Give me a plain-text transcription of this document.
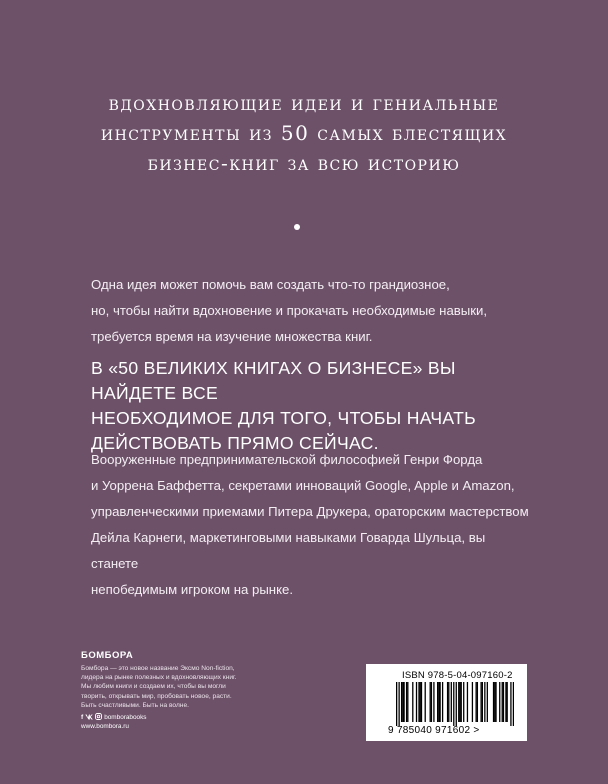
вдохновляющие идеи и гениальные
инструменты из 50 самых блестящих
бизнес-книг за всю историю
Одна идея может помочь вам создать что-то грандиозное,
но, чтобы найти вдохновение и прокачать необходимые навыки,
требуется время на изучение множества книг.
В «50 ВЕЛИКИХ КНИГАХ О БИЗНЕСЕ» ВЫ НАЙДЕТЕ ВСЕ
НЕОБХОДИМОЕ ДЛЯ ТОГО, ЧТОБЫ НАЧАТЬ
ДЕЙСТВОВАТЬ ПРЯМО СЕЙЧАС.
Вооруженные предпринимательской философией Генри Форда
и Уоррена Баффетта, секретами инноваций Google, Apple и Amazon,
управленческими приемами Питера Друкера, ораторским мастерством
Дейла Карнеги, маркетинговыми навыками Говарда Шульца, вы станете
непобедимым игроком на рынке.
БОМБОРА
Бомбора — это новое название Эксмо Non-fiction,
лидера на рынке полезных и вдохновляющих книг.
Мы любим книги и создаем их, чтобы вы могли
творить, открывать мир, пробовать новое, расти.
Быть счастливыми. Быть на волне.
f	bomborabooks
www.bombora.ru
ISBN 978-5-04-097160-2
9 785040 971602 >
